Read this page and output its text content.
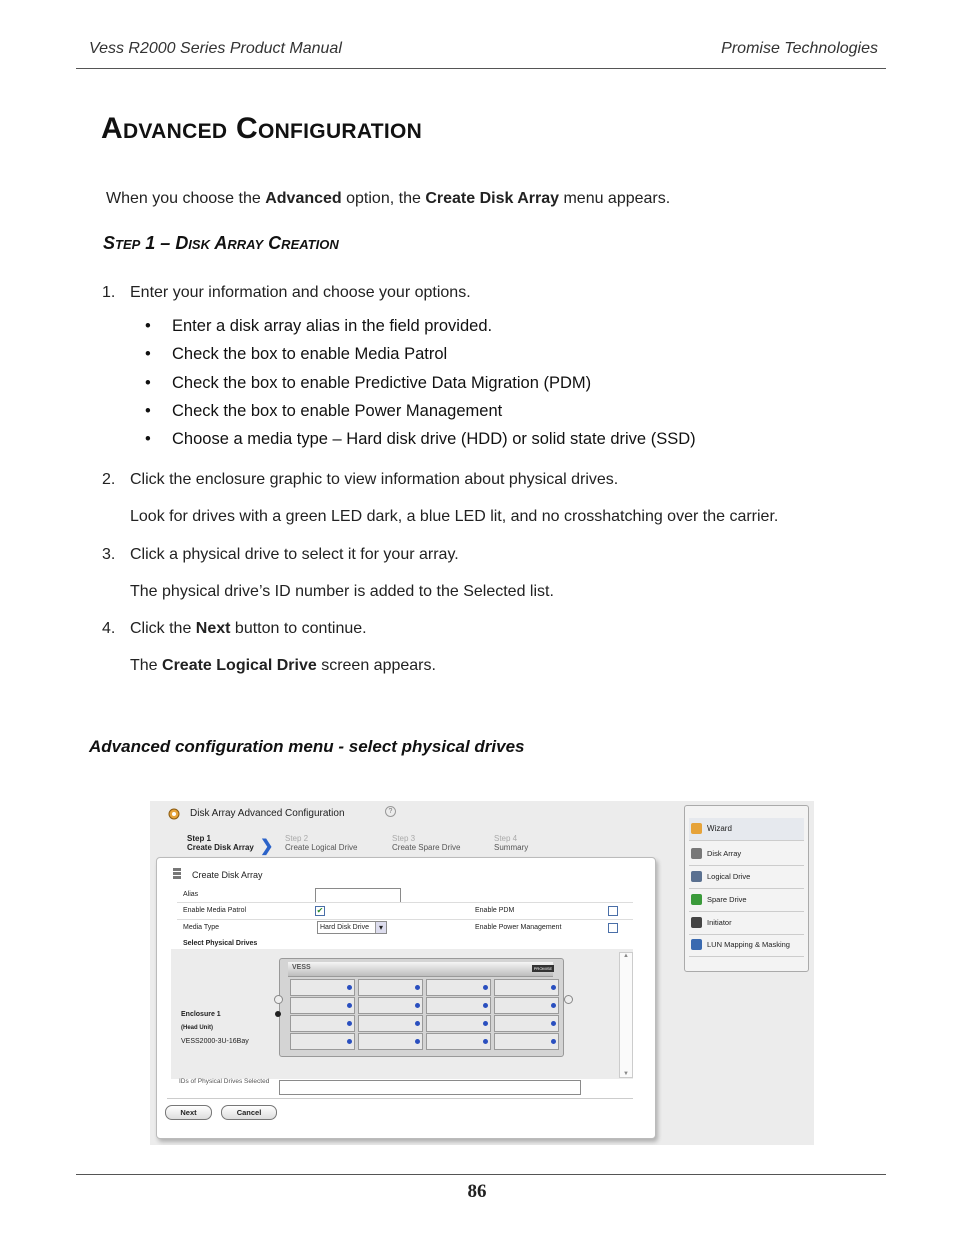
Vess R2000 Series Product Manual	Promise Technologies
Advanced Configuration
When you choose the Advanced option, the Create Disk Array menu appears.
Step 1 – Disk Array Creation
1. Enter your information and choose your options.
• Enter a disk array alias in the field provided.
• Check the box to enable Media Patrol
• Check the box to enable Predictive Data Migration (PDM)
• Check the box to enable Power Management
• Choose a media type – Hard disk drive (HDD) or solid state drive (SSD)
2. Click the enclosure graphic to view information about physical drives.
Look for drives with a green LED dark, a blue LED lit, and no crosshatching over the carrier.
3. Click a physical drive to select it for your array.
The physical drive’s ID number is added to the Selected list.
4. Click the Next button to continue.
The Create Logical Drive screen appears.
Advanced configuration menu - select physical drives
Disk Array Advanced Configuration	?
Step 1
Create Disk Array ❯ Step 2
Create Logical Drive
Step 3
Create Spare Drive
Step 4
Summary
Create Disk Array
Alias
Enable Media Patrol	✔	Enable PDM
Media Type	Hard Disk Drive	▾	Enable Power Management
Select Physical Drives
▲
▼
Enclosure 1
(Head Unit)
VESS2000-3U-16Bay
IDs of Physical Drives Selected
Next	Cancel
VESS	PROMISE
Wizard
Disk Array
Logical Drive
Spare Drive
Initiator
LUN Mapping & Masking
86
